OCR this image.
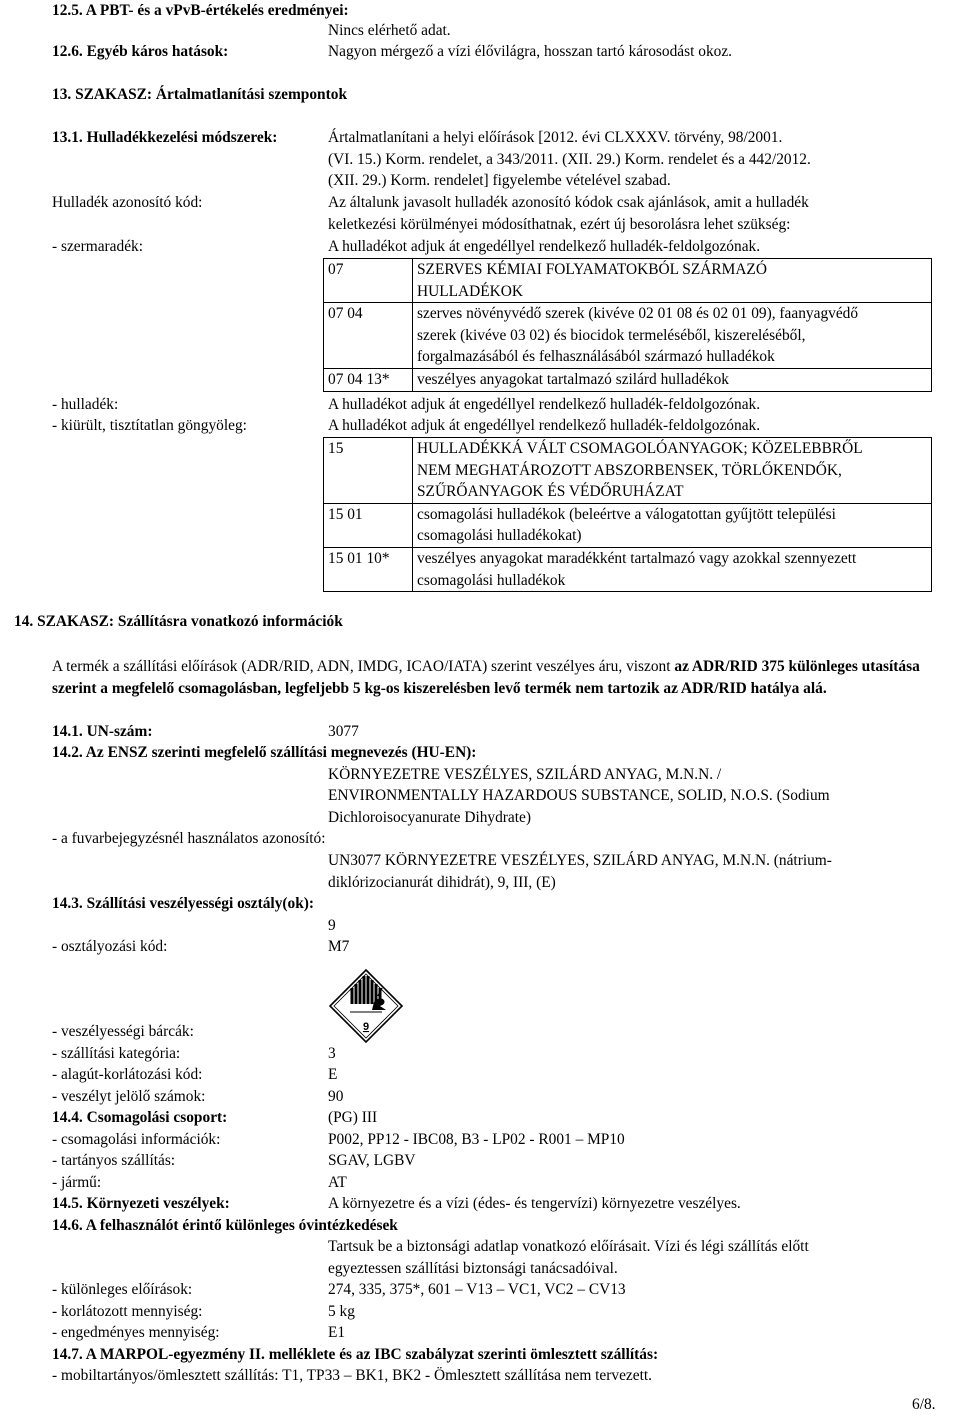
12.5. A PBT- és a vPvB-értékelés eredményei:
Nincs elérhető adat.
12.6. Egyéb káros hatások:	Nagyon mérgező a vízi élővilágra, hosszan tartó károsodást okoz.
13. SZAKASZ: Ártalmatlanítási szempontok
13.1. Hulladékkezelési módszerek:	Ártalmatlanítani a helyi előírások [2012. évi CLXXXV. törvény, 98/2001.
(VI. 15.) Korm. rendelet, a 343/2011. (XII. 29.) Korm. rendelet és a 442/2012.
(XII. 29.) Korm. rendelet] figyelembe vételével szabad.
Hulladék azonosító kód:	Az általunk javasolt hulladék azonosító kódok csak ajánlások, amit a hulladék
keletkezési körülményei módosíthatnak, ezért új besorolásra lehet szükség:
- szermaradék:	A hulladékot adjuk át engedéllyel rendelkező hulladék-feldolgozónak.
07	SZERVES KÉMIAI FOLYAMATOKBÓL SZÁRMAZÓ
HULLADÉKOK

07 04	szerves növényvédő szerek (kivéve 02 01 08 és 02 01 09), faanyagvédő
szerek (kivéve 03 02) és biocidok termeléséből, kiszereléséből,
forgalmazásából és felhasználásából származó hulladékok

07 04 13*	veszélyes anyagokat tartalmazó szilárd hulladékok
- hulladék:	A hulladékot adjuk át engedéllyel rendelkező hulladék-feldolgozónak.
- kiürült, tisztítatlan göngyöleg:	A hulladékot adjuk át engedéllyel rendelkező hulladék-feldolgozónak.
15	HULLADÉKKÁ VÁLT CSOMAGOLÓANYAGOK; KÖZELEBBRŐL
NEM MEGHATÁROZOTT ABSZORBENSEK, TÖRLŐKENDŐK,
SZŰRŐANYAGOK ÉS VÉDŐRUHÁZAT

15 01	csomagolási hulladékok (beleértve a válogatottan gyűjtött települési
csomagolási hulladékokat)

15 01 10*	veszélyes anyagokat maradékként tartalmazó vagy azokkal szennyezett
csomagolási hulladékok
14. SZAKASZ: Szállításra vonatkozó információk
A termék a szállítási előírások (ADR/RID, ADN, IMDG, ICAO/IATA) szerint veszélyes áru, viszont az ADR/RID 375 különleges utasítása szerint a megfelelő csomagolásban, legfeljebb 5 kg-os kiszerelésben levő termék nem tartozik az ADR/RID hatálya alá.
14.1. UN-szám:	3077
14.2. Az ENSZ szerinti megfelelő szállítási megnevezés (HU-EN):
KÖRNYEZETRE VESZÉLYES, SZILÁRD ANYAG, M.N.N. /
ENVIRONMENTALLY HAZARDOUS SUBSTANCE, SOLID, N.O.S. (Sodium
Dichloroisocyanurate Dihydrate)
- a fuvarbejegyzésnél használatos azonosító:
UN3077 KÖRNYEZETRE VESZÉLYES, SZILÁRD ANYAG, M.N.N. (nátrium-
diklórizocianurát dihidrát), 9, III, (E)
14.3. Szállítási veszélyességi osztály(ok):
9
- osztályozási kód:	M7
9
- veszélyességi bárcák:
- szállítási kategória:	3
- alagút-korlátozási kód:	E
- veszélyt jelölő számok:	90
14.4. Csomagolási csoport:	(PG) III
- csomagolási információk:	P002, PP12 - IBC08, B3 - LP02 - R001 – MP10
- tartányos szállítás:	SGAV, LGBV
- jármű:	AT
14.5. Környezeti veszélyek:	A környezetre és a vízi (édes- és tengervízi) környezetre veszélyes.
14.6. A felhasználót érintő különleges óvintézkedések
Tartsuk be a biztonsági adatlap vonatkozó előírásait. Vízi és légi szállítás előtt
egyeztessen szállítási biztonsági tanácsadóival.
- különleges előírások:	274, 335, 375*, 601 – V13 – VC1, VC2 – CV13
- korlátozott mennyiség:	5 kg
- engedményes mennyiség:	E1
14.7. A MARPOL-egyezmény II. melléklete és az IBC szabályzat szerinti ömlesztett szállítás:
- mobiltartányos/ömlesztett szállítás: T1, TP33 – BK1, BK2 - Ömlesztett szállítása nem tervezett.
6/8.
